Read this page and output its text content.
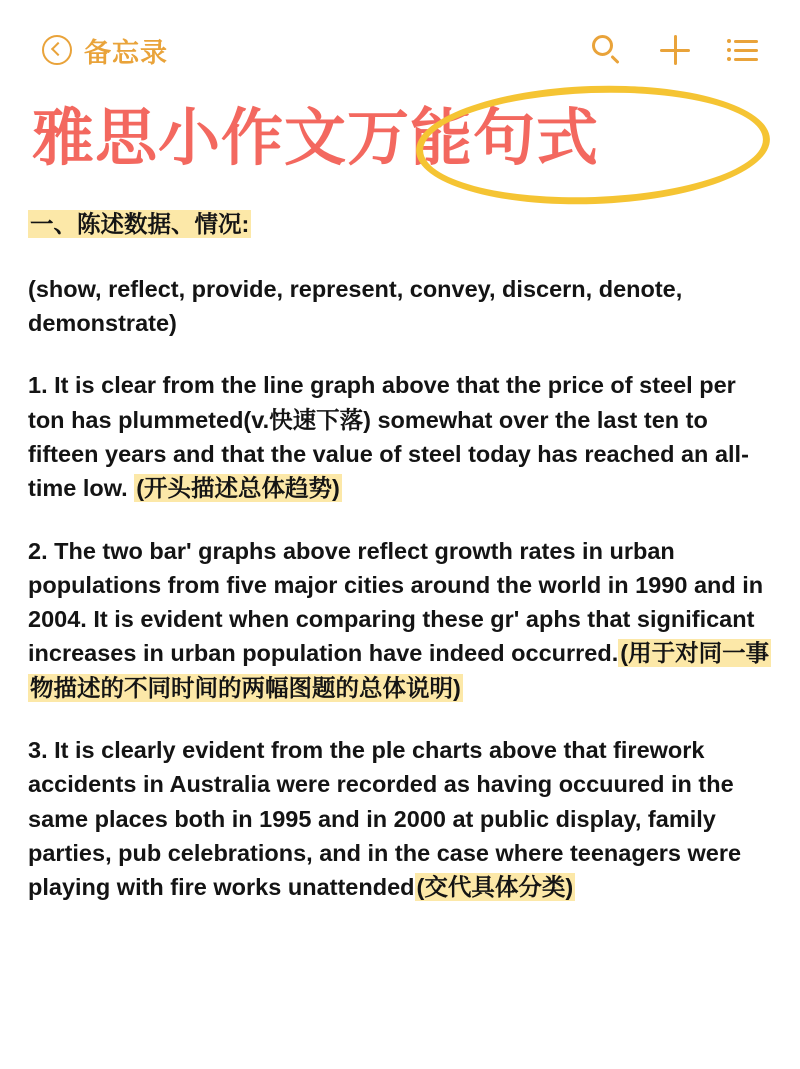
备忘录
雅思小作文万能句式
一、陈述数据、情况:
(show, reflect, provide, represent, convey, discern, denote, demonstrate)
1. It is clear from the line graph above that the price of steel per ton has plummeted(v.快速下落) somewhat over the last ten to fifteen years and that the value of steel today has reached an all-time low. (开头描述总体趋势)
2. The two bar' graphs above reflect growth rates in urban populations from five major cities around the world in 1990 and in 2004. It is evident when comparing these gr' aphs that significant increases in urban population have indeed occurred.(用于对同一事物描述的不同时间的两幅图题的总体说明)
3. It is clearly evident from the ple charts above that firework accidents in Australia were recorded as having occuured in the same places both in 1995 and in 2000 at public display, family parties, pub celebrations, and in the case where teenagers were playing with fire works unattended(交代具体分类)
